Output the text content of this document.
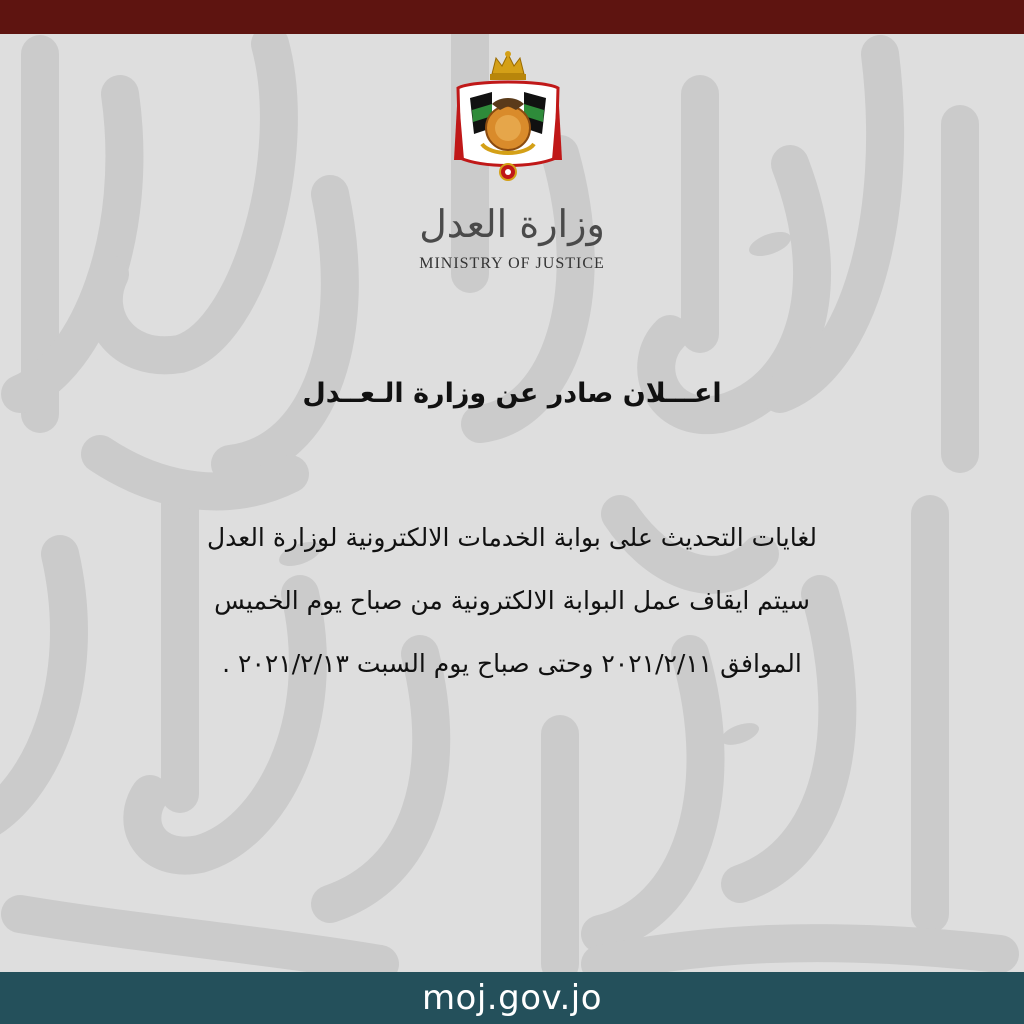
وزارة العدل
MINISTRY OF JUSTICE
اعـــلان صادر عن وزارة الـعــدل
لغايات التحديث على بوابة الخدمات الالكترونية لوزارة العدل
سيتم ايقاف عمل البوابة الالكترونية من صباح يوم الخميس
الموافق ٢٠٢١/٢/١١ وحتى صباح يوم السبت ٢٠٢١/٢/١٣ .
moj.gov.jo
